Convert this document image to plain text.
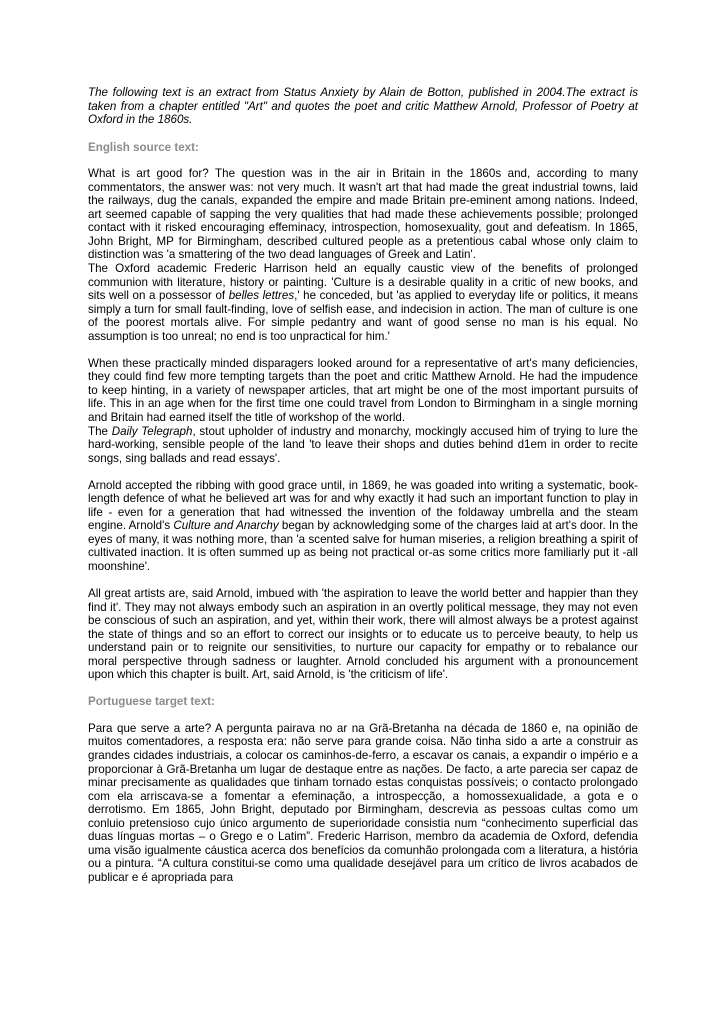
The following text is an extract from Status Anxiety by Alain de Botton, published in 2004.The extract is taken from a chapter entitled "Art" and quotes the poet and critic Matthew Arnold, Professor of Poetry at Oxford in the 1860s.

English source text:

What is art good for? The question was in the air in Britain in the 1860s and, according to many commentators, the answer was: not very much. It wasn't art that had made the great industrial towns, laid the railways, dug the canals, expanded the empire and made Britain pre-eminent among nations. Indeed, art seemed capable of sapping the very qualities that had made these achievements possible; prolonged contact with it risked encouraging effeminacy, introspection, homosexuality, gout and defeatism. In 1865, John Bright, MP for Birmingham, described cultured people as a pretentious cabal whose only claim to distinction was 'a smattering of the two dead languages of Greek and Latin'.

The Oxford academic Frederic Harrison held an equally caustic view of the benefits of prolonged communion with literature, history or painting. 'Culture is a desirable quality in a critic of new books, and sits well on a possessor of belles lettres,' he conceded, but 'as applied to everyday life or politics, it means simply a turn for small fault-finding, love of selfish ease, and indecision in action. The man of culture is one of the poorest mortals alive. For simple pedantry and want of good sense no man is his equal. No assumption is too unreal; no end is too unpractical for him.'

When these practically minded disparagers looked around for a representative of art's many deficiencies, they could find few more tempting targets than the poet and critic Matthew Arnold. He had the impudence to keep hinting, in a variety of newspaper articles, that art might be one of the most important pursuits of life. This in an age when for the first time one could travel from London to Birmingham in a single morning and Britain had earned itself the title of workshop of the world.

The Daily Telegraph, stout upholder of industry and monarchy, mockingly accused him of trying to lure the hard-working, sensible people of the land 'to leave their shops and duties behind d1em in order to recite songs, sing ballads and read essays'.

Arnold accepted the ribbing with good grace until, in 1869, he was goaded into writing a systematic, book-length defence of what he believed art was for and why exactly it had such an important function to play in life - even for a generation that had witnessed the invention of the foldaway umbrella and the steam engine. Arnold's Culture and Anarchy began by acknowledging some of the charges laid at art's door. In the eyes of many, it was nothing more, than 'a scented salve for human miseries, a religion breathing a spirit of cultivated inaction. It is often summed up as being not practical or-as some critics more familiarly put it -all moonshine'.

All great artists are, said Arnold, imbued with 'the aspiration to leave the world better and happier than they find it'. They may not always embody such an aspiration in an overtly political message, they may not even be conscious of such an aspiration, and yet, within their work, there will almost always be a protest against the state of things and so an effort to correct our insights or to educate us to perceive beauty, to help us understand pain or to reignite our sensitivities, to nurture our capacity for empathy or to rebalance our moral perspective through sadness or laughter. Arnold concluded his argument with a pronouncement upon which this chapter is built. Art, said Arnold, is 'the criticism of life'.

Portuguese target text:

Para que serve a arte? A pergunta pairava no ar na Grã-Bretanha na década de 1860 e, na opinião de muitos comentadores, a resposta era: não serve para grande coisa. Não tinha sido a arte a construir as grandes cidades industriais, a colocar os caminhos-de-ferro, a escavar os canais, a expandir o império e a proporcionar à Grã-Bretanha um lugar de destaque entre as nações. De facto, a arte parecia ser capaz de minar precisamente as qualidades que tinham tornado estas conquistas possíveis; o contacto prolongado com ela arriscava-se a fomentar a efeminação, a introspecção, a homossexualidade, a gota e o derrotismo. Em 1865, John Bright, deputado por Birmingham, descrevia as pessoas cultas como um conluio pretensioso cujo único argumento de superioridade consistia num “conhecimento superficial das duas línguas mortas – o Grego e o Latim”. Frederic Harrison, membro da academia de Oxford, defendia uma visão igualmente cáustica acerca dos benefícios da comunhão prolongada com a literatura, a história ou a pintura. “A cultura constitui-se como uma qualidade desejável para um crítico de livros acabados de publicar e é apropriada para
